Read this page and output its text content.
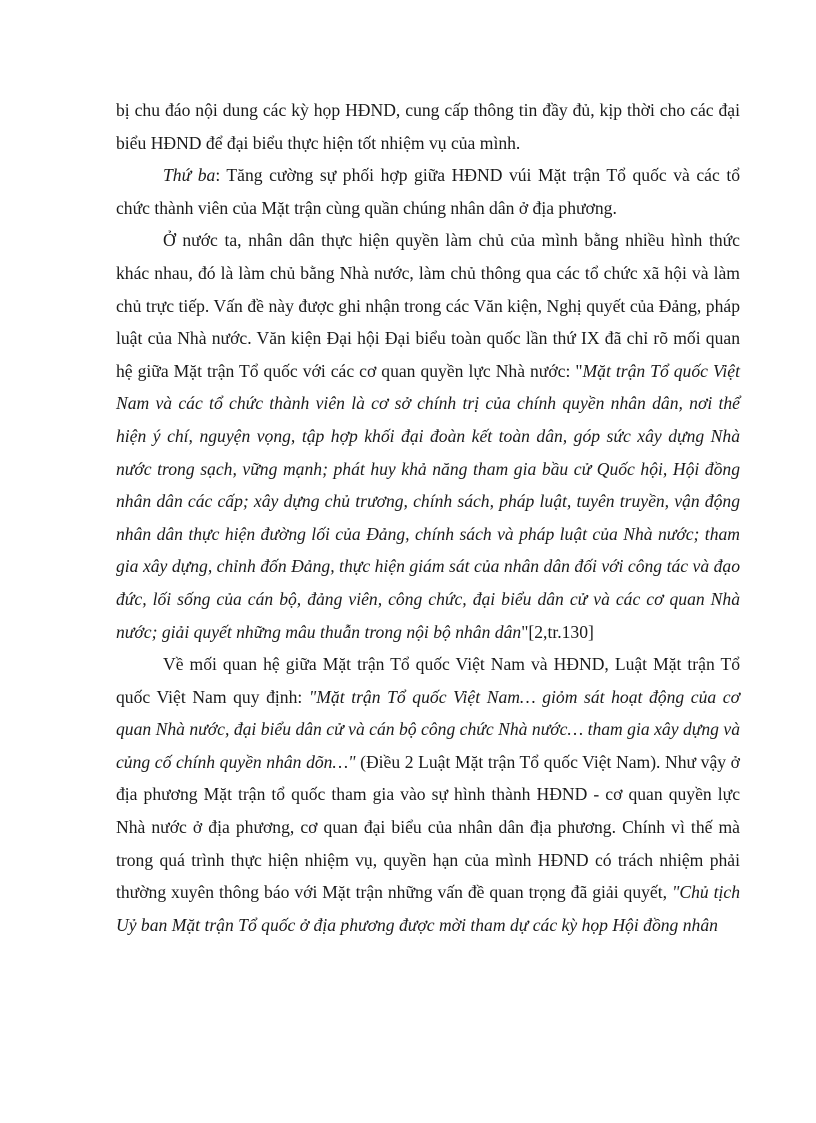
bị chu đáo nội dung các kỳ họp HĐND, cung cấp thông tin đầy đủ, kịp thời cho các đại biểu HĐND để đại biểu thực hiện tốt nhiệm vụ của mình.

Thứ ba: Tăng cường sự phối hợp giữa HĐND vúi Mặt trận Tổ quốc và các tổ chức thành viên của Mặt trận cùng quần chúng nhân dân ở địa phương.

Ở nước ta, nhân dân thực hiện quyền làm chủ của mình bằng nhiều hình thức khác nhau, đó là làm chủ bằng Nhà nước, làm chủ thông qua các tổ chức xã hội và làm chủ trực tiếp. Vấn đề này được ghi nhận trong các Văn kiện, Nghị quyết của Đảng, pháp luật của Nhà nước. Văn kiện Đại hội Đại biểu toàn quốc lần thứ IX đã chỉ rõ mối quan hệ giữa Mặt trận Tổ quốc với các cơ quan quyền lực Nhà nước: "Mặt trận Tổ quốc Việt Nam và các tổ chức thành viên là cơ sở chính trị của chính quyền nhân dân, nơi thể hiện ý chí, nguyện vọng, tập hợp khối đại đoàn kết toàn dân, góp sức xây dựng Nhà nước trong sạch, vững mạnh; phát huy khả năng tham gia bầu cử Quốc hội, Hội đồng nhân dân các cấp; xây dựng chủ trương, chính sách, pháp luật, tuyên truyền, vận động nhân dân thực hiện đường lối của Đảng, chính sách và pháp luật của Nhà nước; tham gia xây dựng, chỉnh đốn Đảng, thực hiện giám sát của nhân dân đối với công tác và đạo đức, lối sống của cán bộ, đảng viên, công chức, đại biểu dân cử và các cơ quan Nhà nước; giải quyết những mâu thuẫn trong nội bộ nhân dân"[2,tr.130]

Về mối quan hệ giữa Mặt trận Tổ quốc Việt Nam và HĐND, Luật Mặt trận Tổ quốc Việt Nam quy định: "Mặt trận Tổ quốc Việt Nam… giỏm sát hoạt động của cơ quan Nhà nước, đại biểu dân cử và cán bộ công chức Nhà nước… tham gia xây dựng và củng cố chính quyền nhân dõn…" (Điều 2 Luật Mặt trận Tổ quốc Việt Nam). Như vậy ở địa phương Mặt trận tổ quốc tham gia vào sự hình thành HĐND - cơ quan quyền lực Nhà nước ở địa phương, cơ quan đại biểu của nhân dân địa phương. Chính vì thế mà trong quá trình thực hiện nhiệm vụ, quyền hạn của mình HĐND có trách nhiệm phải thường xuyên thông báo với Mặt trận những vấn đề quan trọng đã giải quyết, "Chủ tịch Uỷ ban Mặt trận Tổ quốc ở địa phương được mời tham dự các kỳ họp Hội đồng nhân
